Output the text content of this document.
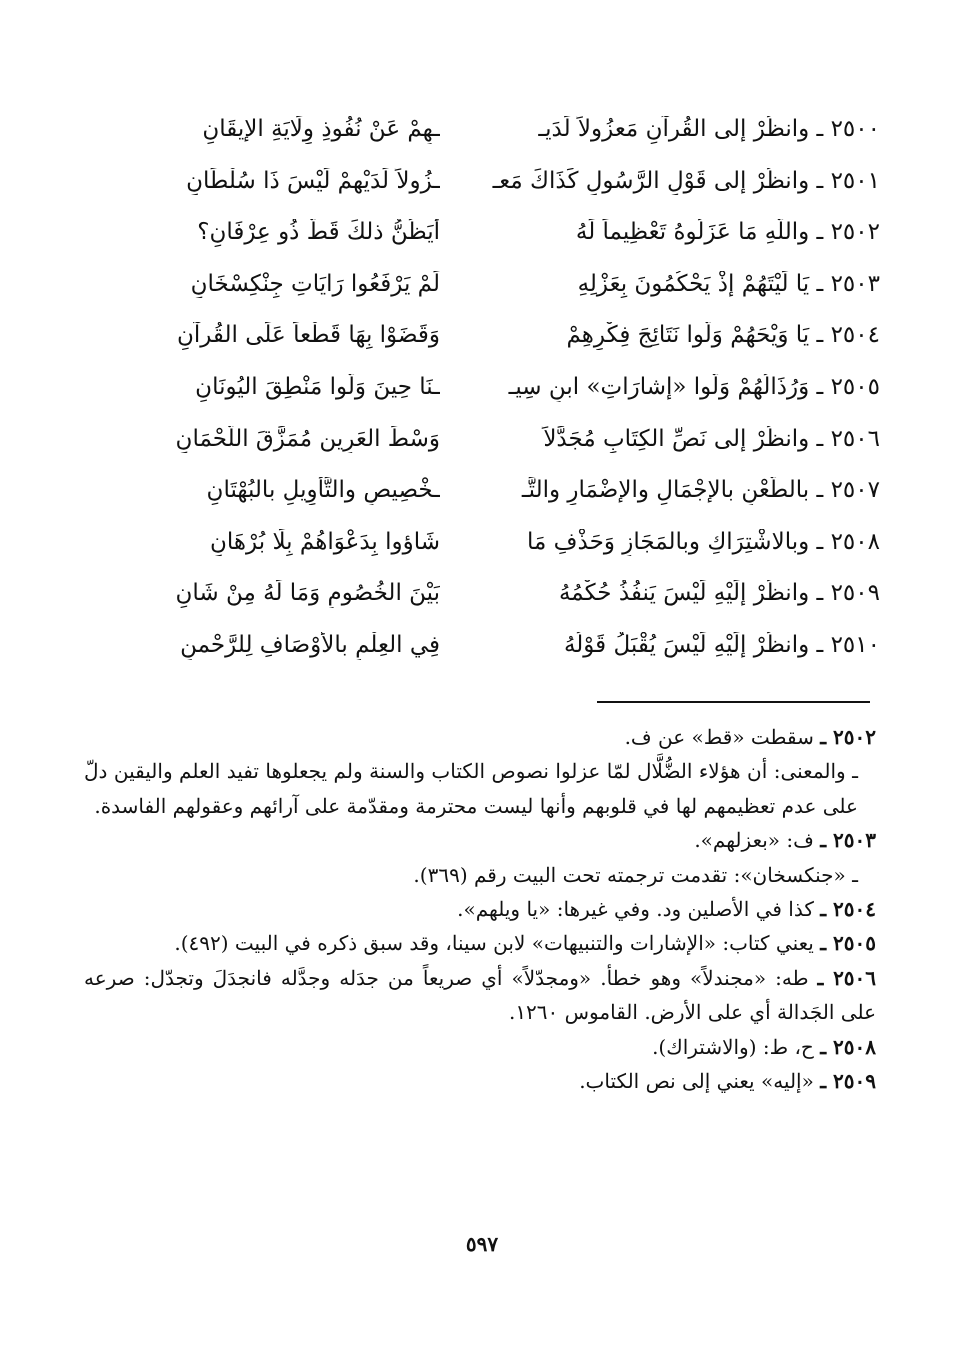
٢٥٠٠ ـ وانظُرْ إلى القُرآنِ مَعزُولاً لَدَيـ
ـهِمْ عَنْ نُفُوذِ وِلَايَةِ الإيقَانِ
٢٥٠١ ـ وانظُرْ إلى قَوْلِ الرَّسُولِ كَذَاكَ مَعـ
ـزُولاً لَدَيْهِمْ لَيْسَ ذَا سُلْطَانِ
٢٥٠٢ ـ واللّهِ مَا عَزَلُوهُ تَعْظِيماً لَهُ
أيَظُنُّ ذلكَ قَطُّ ذُو عِرْفَانِ؟
٢٥٠٣ ـ يَا لَيْتَهُمْ إذْ يَحْكُمُونَ بِعَزْلِهِ
لَمْ يَرْفَعُوا رَايَاتِ جِنْكِسْخَانِ
٢٥٠٤ ـ يَا وَيْحَهُمْ وَلَّوا نَتَائِجَ فِكْرِهِمْ
وَقَضَوْا بِهَا قَطْعاً عَلَى القُرآنِ
٢٥٠٥ ـ وَرُذَالُهُمْ وَلَّوا «إشارَاتِ» ابنِ سِيـ
ـنَا حِينَ وَلَّوا مَنْطِقَ اليُونَانِ
٢٥٠٦ ـ وانظُرْ إلى نَصِّ الكِتَابِ مُجَدَّلاً
وَسْطَ العَرِينِ مُمَزَّقَ اللُّحْمَانِ
٢٥٠٧ ـ بالطَّعْنِ بالإجْمَالِ والإضْمَارِ والتَّـ
ـخْصِيصِ والتَّأوِيلِ بالبُهْتَانِ
٢٥٠٨ ـ وبالاشْتِرَاكِ وبالمَجَازِ وَحَذْفِ مَا
شَاؤوا بِدَعْوَاهُمْ بِلَا بُرْهَانِ
٢٥٠٩ ـ وانظُرْ إلَيْهِ لَيْسَ يَنفُذُ حُكْمُهُ
بَيْنَ الخُصُومِ وَمَا لَهُ مِنْ شَانِ
٢٥١٠ ـ وانظُرْ إلَيْهِ لَيْسَ يُقْبَلُ قَوْلُهُ
فِي العِلْمِ بالأوْصَافِ لِلرَّحْمنِ

٢٥٠٢ ـ سقطت «قط» عن ف.

ـ والمعنى: أن هؤلاء الضُّلَّال لمّا عزلوا نصوص الكتاب والسنة ولم يجعلوها تفيد العلم واليقين دلّ على عدم تعظيمهم لها في قلوبهم وأنها ليست محترمة ومقدّمة على آرائهم وعقولهم الفاسدة.

٢٥٠٣ ـ ف: «بعزلهم».

ـ «جنكسخان»: تقدمت ترجمته تحت البيت رقم (٣٦٩).

٢٥٠٤ ـ كذا في الأصلين ود. وفي غيرها: «يا ويلهم».

٢٥٠٥ ـ يعني كتاب: «الإشارات والتنبيهات» لابن سينا، وقد سبق ذكره في البيت (٤٩٢).

٢٥٠٦ ـ طه: «مجندلاً» وهو خطأ. «ومجدّلاً» أي صريعاً من جدَله وجدَّله فانجدَلَ وتجدّل: صرعه على الجَدالة أي على الأرض. القاموس ١٢٦٠.

٢٥٠٨ ـ ح، ط: (والاشتراك).

٢٥٠٩ ـ «إليه» يعني إلى نص الكتاب.

٥٩٧
